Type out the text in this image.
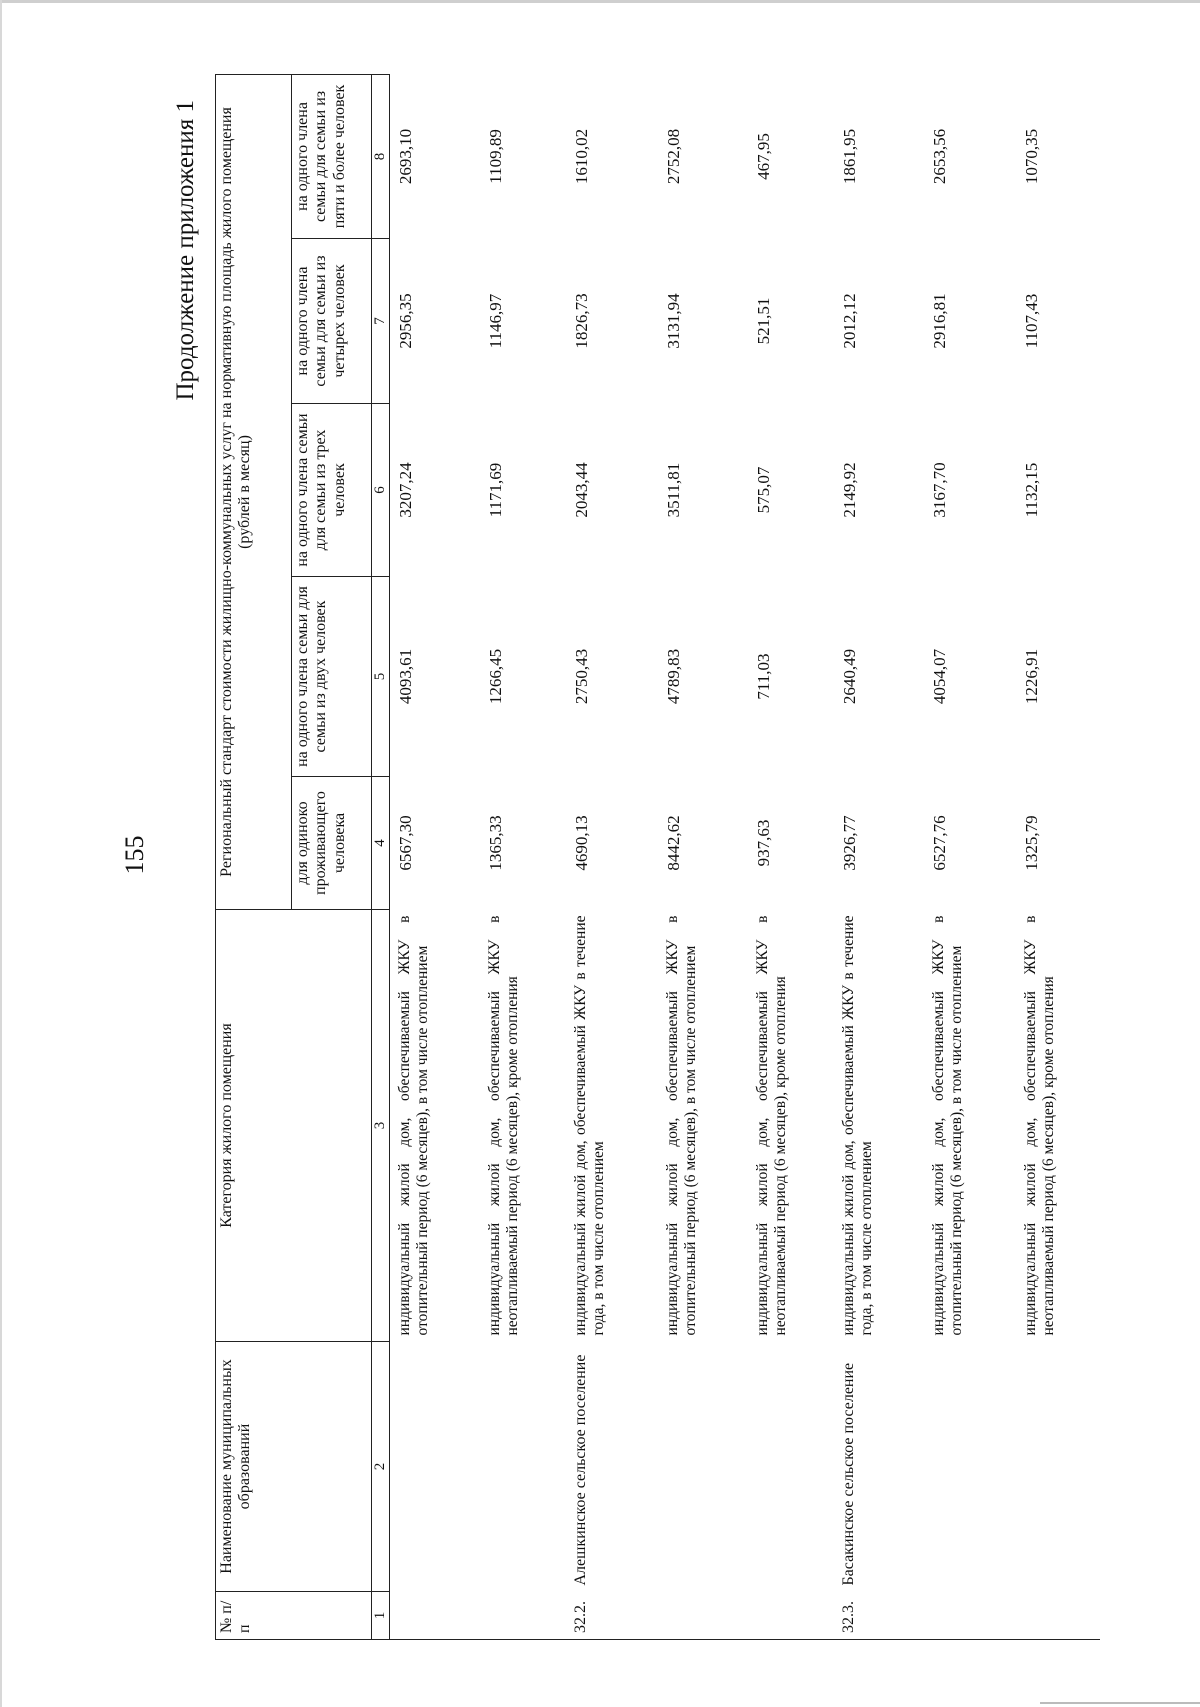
155
Продолжение приложения 1
№ п/п	Наименование муниципальных образований	Категория жилого помещения	Региональный стандарт стоимости жилищно-коммунальных услуг на нормативную площадь жилого помещения (рублей в месяц)				
			для одиноко проживающего человека	на одного члена семьи для семьи из двух человек	на одного члена семьи для семьи из трех человек	на одного члена семьи для семьи из четырех человек	на одного члена семьи для семьи из пяти и более человек
1	2	3	4	5	6	7	8
		индивидуальный жилой дом, обеспечиваемый ЖКУ в отопительный период (6 месяцев), в том числе отоплением	6567,30	4093,61	3207,24	2956,35	2693,10
		индивидуальный жилой дом, обеспечиваемый ЖКУ в неотапливаемый период (6 месяцев), кроме отопления	1365,33	1266,45	1171,69	1146,97	1109,89
32.2.	Алешкинское сельское поселение	индивидуальный жилой дом, обеспечиваемый ЖКУ в течение года, в том числе отоплением	4690,13	2750,43	2043,44	1826,73	1610,02
		индивидуальный жилой дом, обеспечиваемый ЖКУ в отопительный период (6 месяцев), в том числе отоплением	8442,62	4789,83	3511,81	3131,94	2752,08
		индивидуальный жилой дом, обеспечиваемый ЖКУ в неотапливаемый период (6 месяцев), кроме отопления	937,63	711,03	575,07	521,51	467,95
32.3.	Басакинское сельское поселение	индивидуальный жилой дом, обеспечиваемый ЖКУ в течение года, в том числе отоплением	3926,77	2640,49	2149,92	2012,12	1861,95
		индивидуальный жилой дом, обеспечиваемый ЖКУ в отопительный период (6 месяцев), в том числе отоплением	6527,76	4054,07	3167,70	2916,81	2653,56
		индивидуальный жилой дом, обеспечиваемый ЖКУ в неотапливаемый период (6 месяцев), кроме отопления	1325,79	1226,91	1132,15	1107,43	1070,35
